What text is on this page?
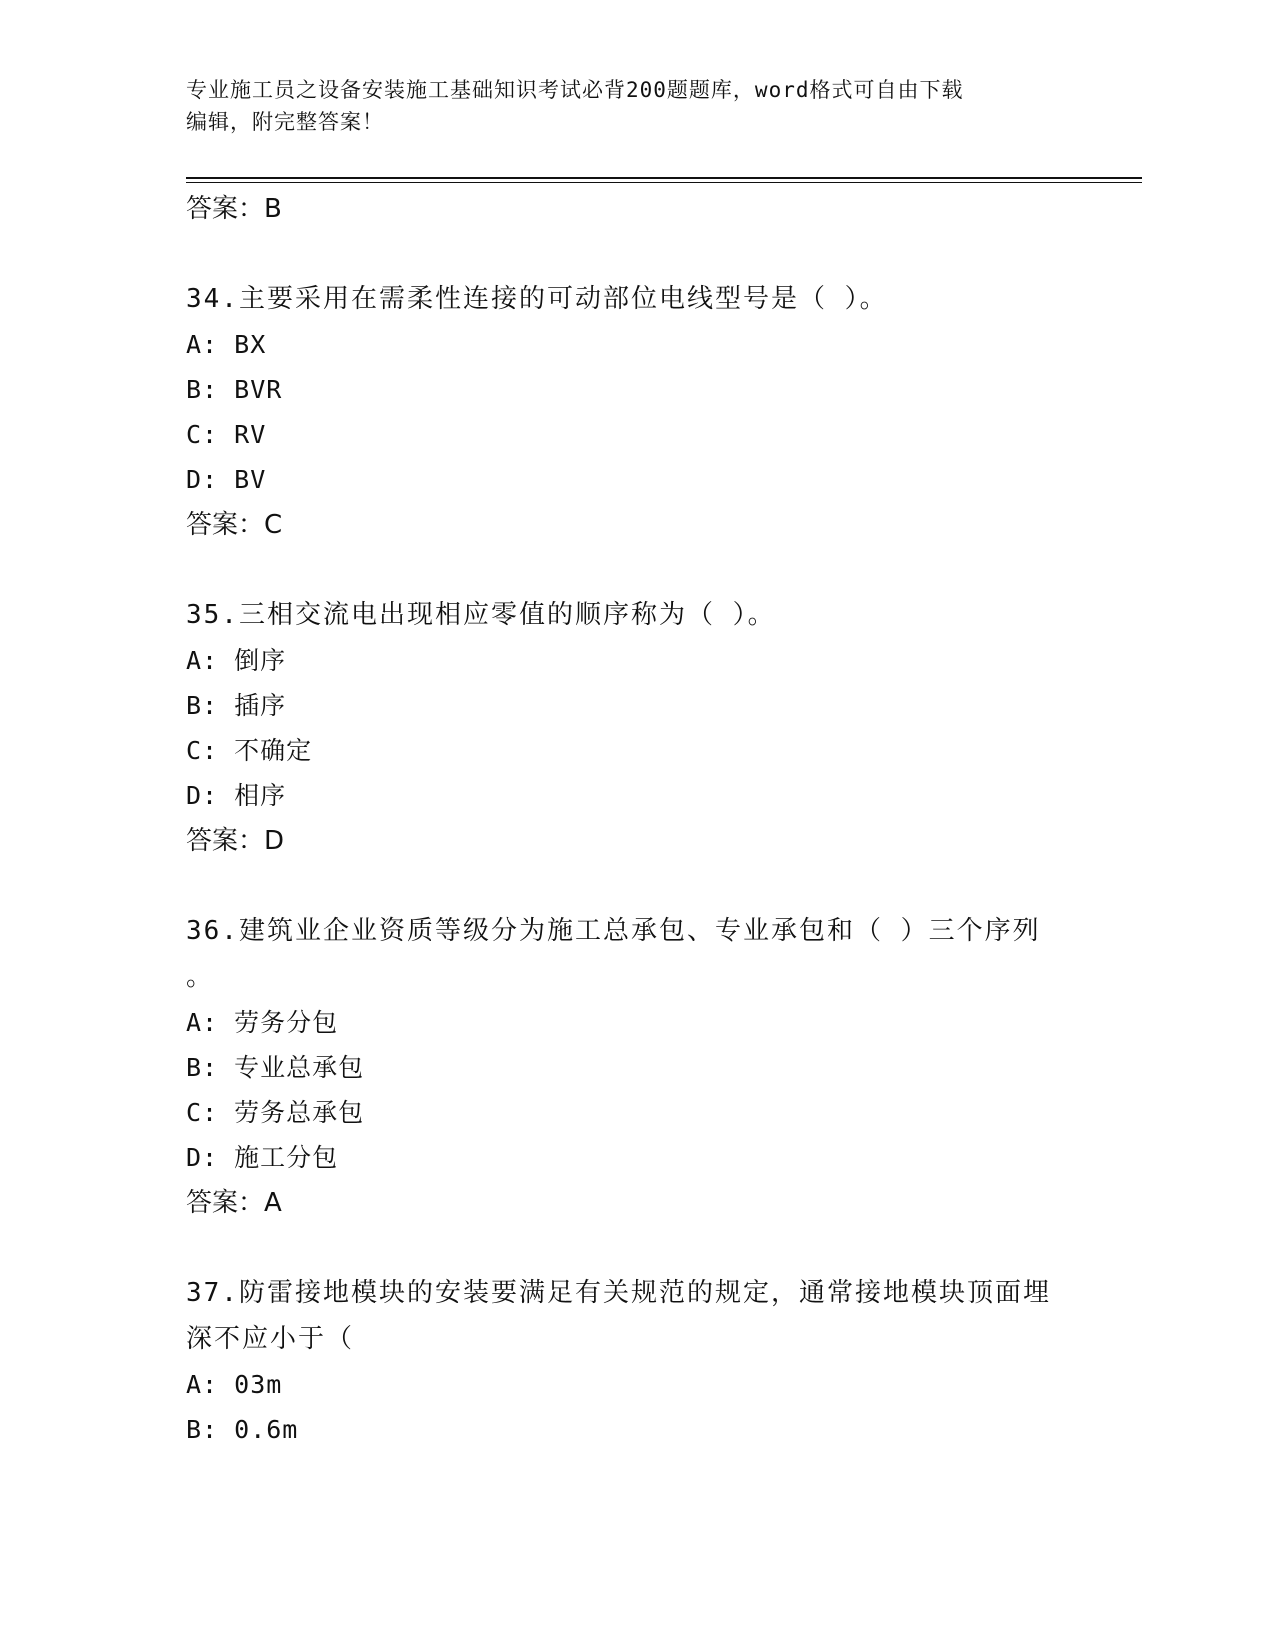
专业施工员之设备安装施工基础知识考试必背200题题库，word格式可自由下载
编辑，附完整答案！
答案：B
34.主要采用在需柔性连接的可动部位电线型号是（ ）。
A: BX
B: BVR
C: RV
D: BV
答案：C
35.三相交流电出现相应零值的顺序称为（ ）。
A: 倒序
B: 插序
C: 不确定
D: 相序
答案：D
36.建筑业企业资质等级分为施工总承包、专业承包和（ ）三个序列
。
A: 劳务分包
B: 专业总承包
C: 劳务总承包
D: 施工分包
答案：A
37.防雷接地模块的安装要满足有关规范的规定，通常接地模块顶面埋
深不应小于（
A: 03m
B: 0.6m
